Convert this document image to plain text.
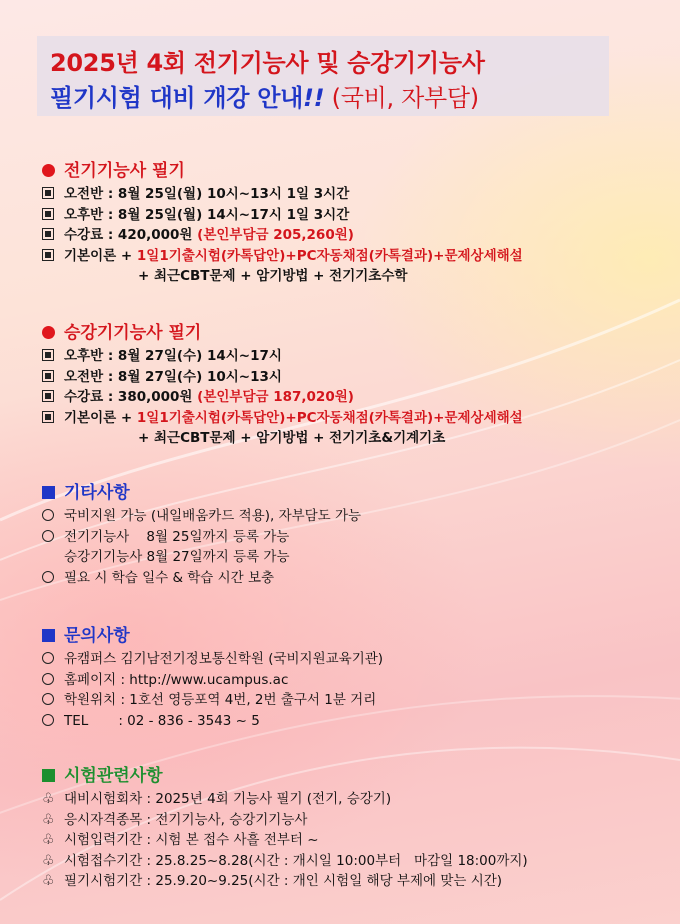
2025년 4회 전기기능사 및 승강기기능사
필기시험 대비 개강 안내!! (국비, 자부담)
전기기능사 필기
오전반 : 8월 25일(월) 10시~13시 1일 3시간
오후반 : 8월 25일(월) 14시~17시 1일 3시간
수강료 : 420,000원 (본인부담금 205,260원)
기본이론 + 1일1기출시험(카톡답안)+PC자동채점(카톡결과)+문제상세해설
+ 최근CBT문제 + 암기방법 + 전기기초수학
승강기기능사 필기
오후반 : 8월 27일(수) 14시~17시
오전반 : 8월 27일(수) 10시~13시
수강료 : 380,000원 (본인부담금 187,020원)
기본이론 + 1일1기출시험(카톡답안)+PC자동채점(카톡결과)+문제상세해설
+ 최근CBT문제 + 암기방법 + 전기기초&기계기초
기타사항
국비지원 가능 (내일배움카드 적용), 자부담도 가능
전기기능사    8월 25일까지 등록 가능
승강기기능사 8월 27일까지 등록 가능
필요 시 학습 일수 & 학습 시간 보충
문의사항
유캠퍼스 김기남전기정보통신학원 (국비지원교육기관)
홈페이지 : http://www.ucampus.ac
학원위치 : 1호선 영등포역 4번, 2번 출구서 1분 거리
TEL       : 02 - 836 - 3543 ~ 5
시험관련사항
♧ 대비시험회차 : 2025년 4회 기능사 필기 (전기, 승강기)
♧ 응시자격종목 : 전기기능사, 승강기기능사
♧ 시험입력기간 : 시험 본 접수 사흘 전부터 ~
♧ 시험접수기간 : 25.8.25~8.28(시간 : 개시일 10:00부터   마감일 18:00까지)
♧ 필기시험기간 : 25.9.20~9.25(시간 : 개인 시험일 해당 부제에 맞는 시간)
